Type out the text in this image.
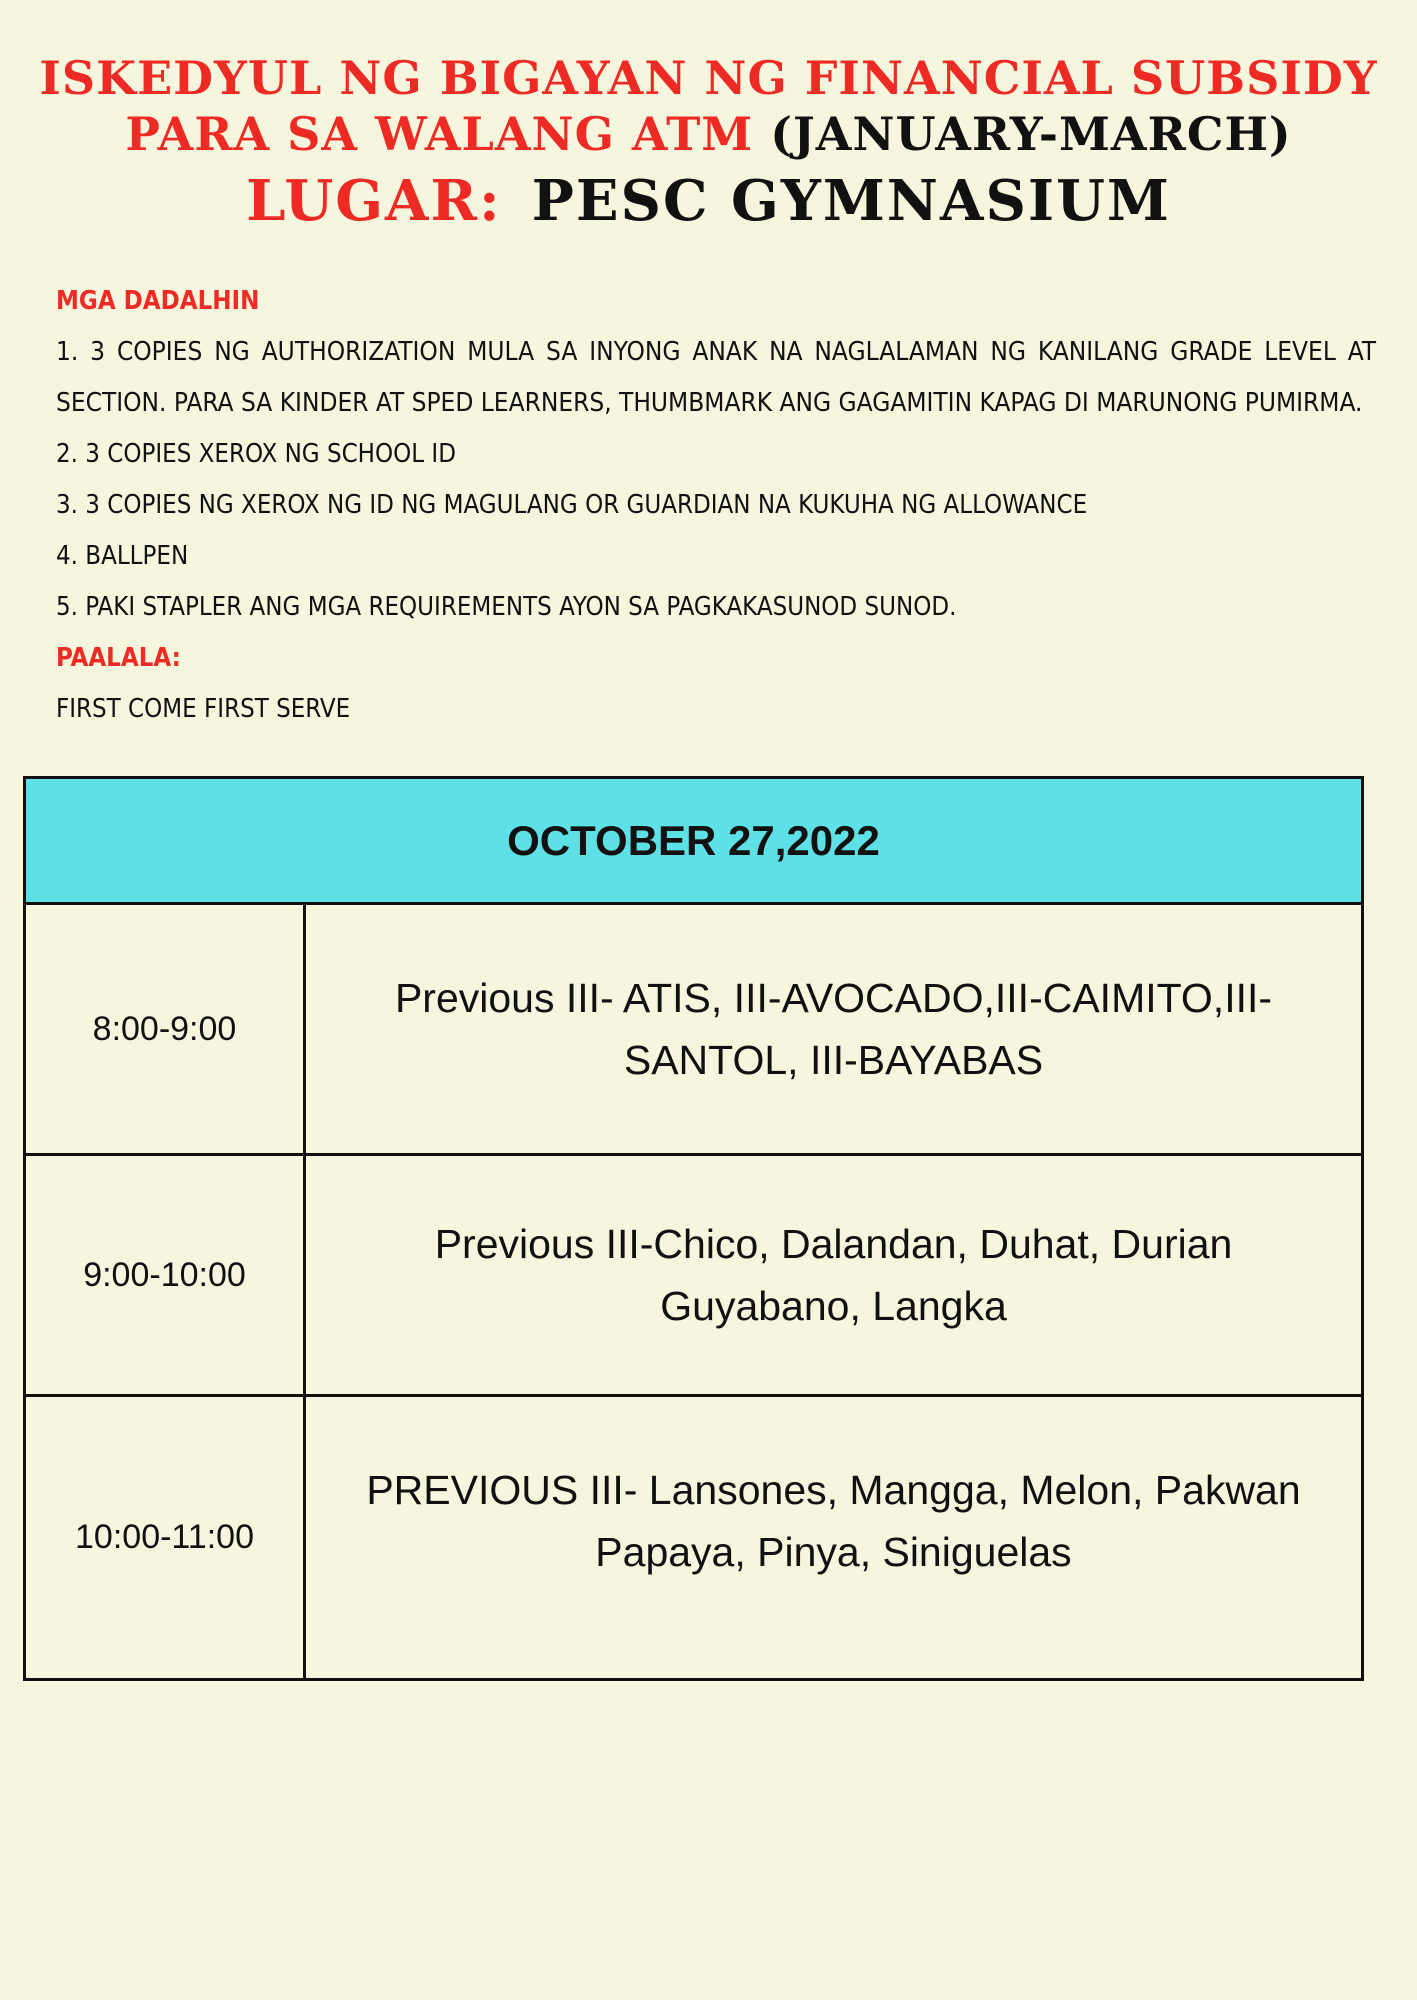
ISKEDYUL NG BIGAYAN NG FINANCIAL SUBSIDY
PARA SA WALANG ATM (JANUARY-MARCH)
LUGAR: PESC GYMNASIUM
MGA DADALHIN
1. 3 COPIES NG AUTHORIZATION MULA SA INYONG ANAK NA NAGLALAMAN NG KANILANG GRADE LEVEL AT SECTION. PARA SA KINDER AT SPED LEARNERS, THUMBMARK ANG GAGAMITIN KAPAG DI MARUNONG PUMIRMA.
2. 3 COPIES XEROX NG SCHOOL ID
3. 3 COPIES NG XEROX NG ID NG MAGULANG OR GUARDIAN NA KUKUHA NG ALLOWANCE
4. BALLPEN
5. PAKI STAPLER ANG MGA REQUIREMENTS AYON SA PAGKAKASUNOD SUNOD.
PAALALA:
FIRST COME FIRST SERVE
OCTOBER 27,2022
8:00-9:00
Previous III- ATIS, III-AVOCADO,III-CAIMITO,III-
SANTOL, III-BAYABAS
9:00-10:00
Previous III-Chico, Dalandan, Duhat, Durian
Guyabano, Langka
10:00-11:00
PREVIOUS III- Lansones, Mangga, Melon, Pakwan
Papaya, Pinya, Siniguelas
